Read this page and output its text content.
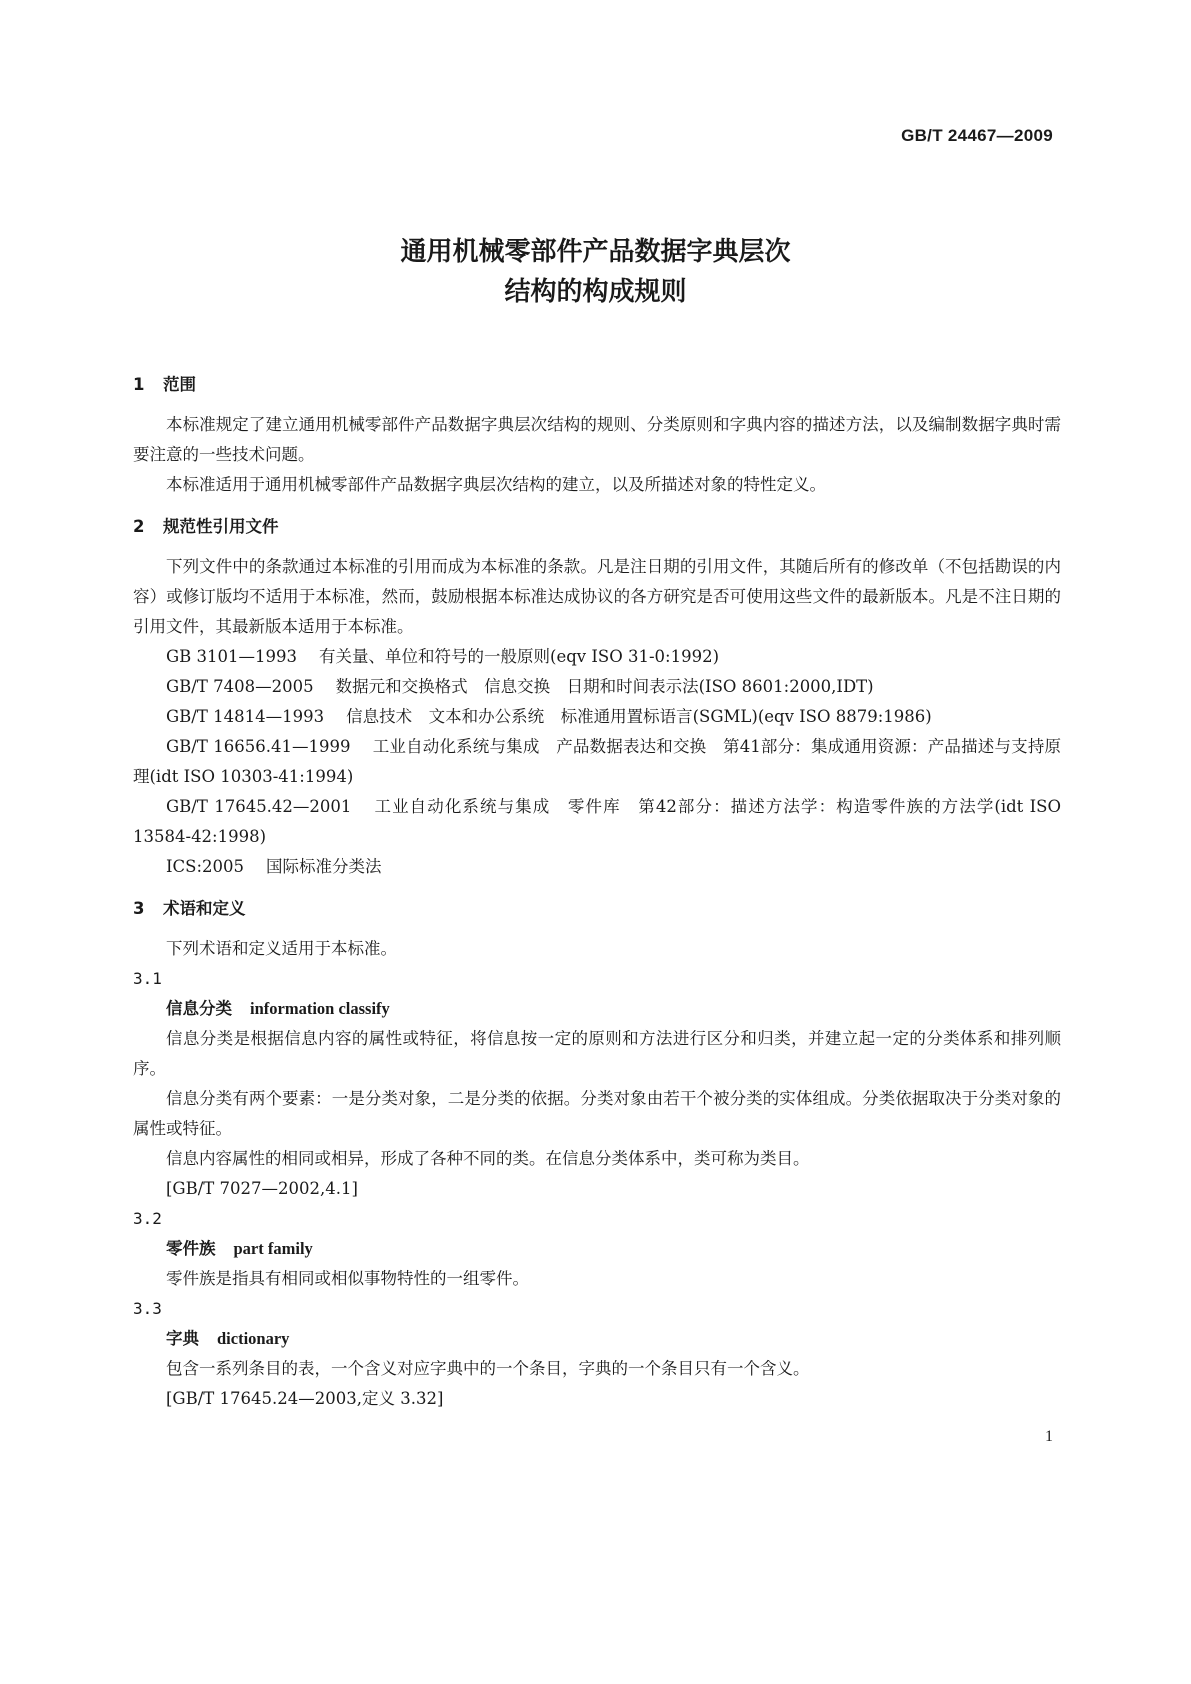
GB/T 24467—2009
通用机械零部件产品数据字典层次
结构的构成规则
1 范围

本标准规定了建立通用机械零部件产品数据字典层次结构的规则、分类原则和字典内容的描述方法，以及编制数据字典时需要注意的一些技术问题。

本标准适用于通用机械零部件产品数据字典层次结构的建立，以及所描述对象的特性定义。

2 规范性引用文件

下列文件中的条款通过本标准的引用而成为本标准的条款。凡是注日期的引用文件，其随后所有的修改单（不包括勘误的内容）或修订版均不适用于本标准，然而，鼓励根据本标准达成协议的各方研究是否可使用这些文件的最新版本。凡是不注日期的引用文件，其最新版本适用于本标准。

GB 3101—1993 有关量、单位和符号的一般原则(eqv ISO 31-0:1992)

GB/T 7408—2005 数据元和交换格式　信息交换　日期和时间表示法(ISO 8601:2000,IDT)

GB/T 14814—1993 信息技术　文本和办公系统　标准通用置标语言(SGML)(eqv ISO 8879:1986)

GB/T 16656.41—1999 工业自动化系统与集成　产品数据表达和交换　第41部分：集成通用资源：产品描述与支持原理(idt ISO 10303-41:1994)

GB/T 17645.42—2001 工业自动化系统与集成　零件库　第42部分：描述方法学：构造零件族的方法学(idt ISO 13584-42:1998)

ICS:2005 国际标准分类法

3 术语和定义

下列术语和定义适用于本标准。

3.1
信息分类 information classify

信息分类是根据信息内容的属性或特征，将信息按一定的原则和方法进行区分和归类，并建立起一定的分类体系和排列顺序。

信息分类有两个要素：一是分类对象，二是分类的依据。分类对象由若干个被分类的实体组成。分类依据取决于分类对象的属性或特征。

信息内容属性的相同或相异，形成了各种不同的类。在信息分类体系中，类可称为类目。

[GB/T 7027—2002,4.1]

3.2
零件族 part family

零件族是指具有相同或相似事物特性的一组零件。

3.3
字典 dictionary

包含一系列条目的表，一个含义对应字典中的一个条目，字典的一个条目只有一个含义。

[GB/T 17645.24—2003,定义 3.32]

1
